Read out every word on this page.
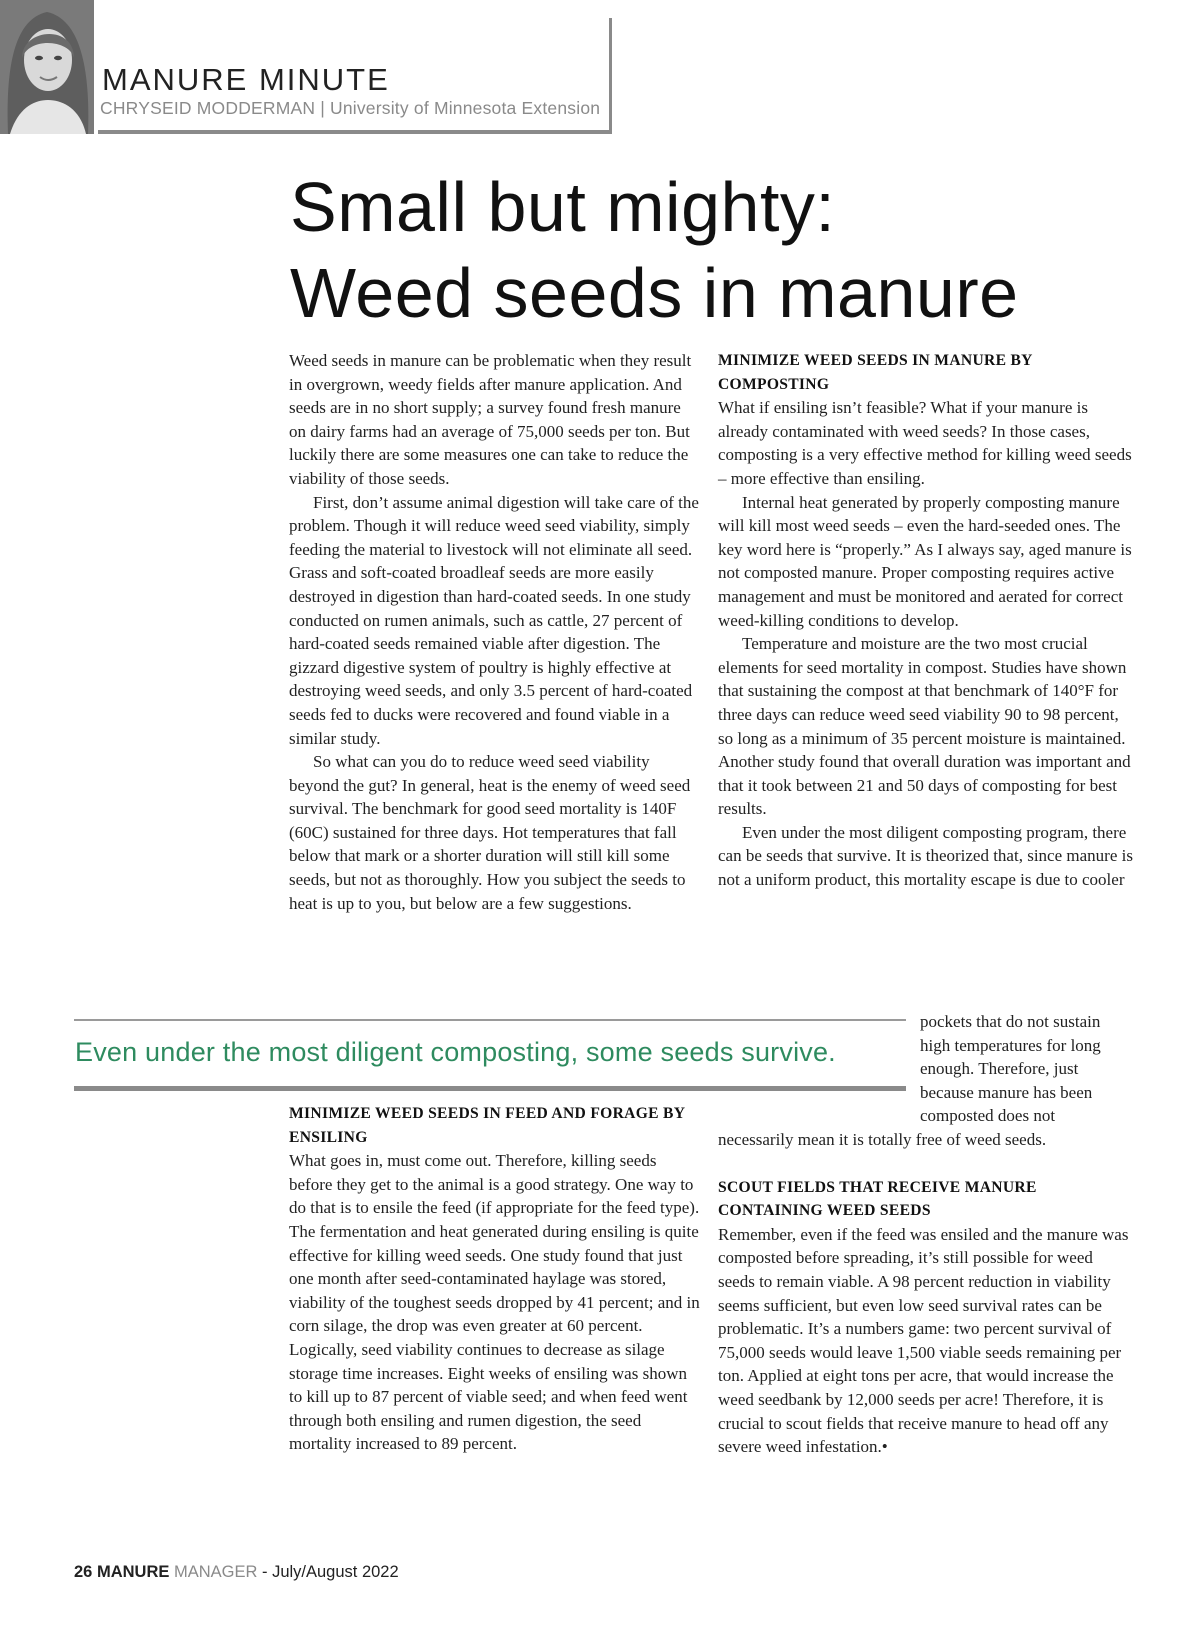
MANURE MINUTE
CHRYSEID MODDERMAN | University of Minnesota Extension
Small but mighty:
Weed seeds in manure

Weed seeds in manure can be problematic when they result in overgrown, weedy fields after manure application. And seeds are in no short supply; a survey found fresh manure on dairy farms had an average of 75,000 seeds per ton. But luckily there are some measures one can take to reduce the viability of those seeds.

First, don’t assume animal digestion will take care of the problem. Though it will reduce weed seed viability, simply feeding the material to livestock will not eliminate all seed. Grass and soft-coated broadleaf seeds are more easily destroyed in digestion than hard-coated seeds. In one study conducted on rumen animals, such as cattle, 27 percent of hard-coated seeds remained viable after digestion. The gizzard digestive system of poultry is highly effective at destroying weed seeds, and only 3.5 percent of hard-coated seeds fed to ducks were recovered and found viable in a similar study.

So what can you do to reduce weed seed viability beyond the gut? In general, heat is the enemy of weed seed survival. The benchmark for good seed mortality is 140F (60C) sustained for three days. Hot temperatures that fall below that mark or a shorter duration will still kill some seeds, but not as thoroughly. How you subject the seeds to heat is up to you, but below are a few suggestions.

MINIMIZE WEED SEEDS IN MANURE BY COMPOSTING

What if ensiling isn’t feasible? What if your manure is already contaminated with weed seeds? In those cases, composting is a very effective method for killing weed seeds – more effective than ensiling.

Internal heat generated by properly composting manure will kill most weed seeds – even the hard-seeded ones. The key word here is “properly.” As I always say, aged manure is not composted manure. Proper composting requires active management and must be monitored and aerated for correct weed-killing conditions to develop.

Temperature and moisture are the two most crucial elements for seed mortality in compost. Studies have shown that sustaining the compost at that benchmark of 140°F for three days can reduce weed seed viability 90 to 98 percent, so long as a minimum of 35 percent moisture is maintained. Another study found that overall duration was important and that it took between 21 and 50 days of composting for best results.

Even under the most diligent composting program, there can be seeds that survive. It is theorized that, since manure is not a uniform product, this mortality escape is due to cooler

Even under the most diligent composting, some seeds survive.
MINIMIZE WEED SEEDS IN FEED AND FORAGE BY ENSILING

What goes in, must come out. Therefore, killing seeds before they get to the animal is a good strategy. One way to do that is to ensile the feed (if appropriate for the feed type). The fermentation and heat generated during ensiling is quite effective for killing weed seeds. One study found that just one month after seed-contaminated haylage was stored, viability of the toughest seeds dropped by 41 percent; and in corn silage, the drop was even greater at 60 percent. Logically, seed viability continues to decrease as silage storage time increases. Eight weeks of ensiling was shown to kill up to 87 percent of viable seed; and when feed went through both ensiling and rumen digestion, the seed mortality increased to 89 percent.

pockets that do not sustain high temperatures for long enough. Therefore, just because manure has been composted does not necessarily mean it is totally free of weed seeds.

SCOUT FIELDS THAT RECEIVE MANURE CONTAINING WEED SEEDS

Remember, even if the feed was ensiled and the manure was composted before spreading, it’s still possible for weed seeds to remain viable. A 98 percent reduction in viability seems sufficient, but even low seed survival rates can be problematic. It’s a numbers game: two percent survival of 75,000 seeds would leave 1,500 viable seeds remaining per ton. Applied at eight tons per acre, that would increase the weed seedbank by 12,000 seeds per acre! Therefore, it is crucial to scout fields that receive manure to head off any severe weed infestation.•

26 MANURE MANAGER - July/August 2022
